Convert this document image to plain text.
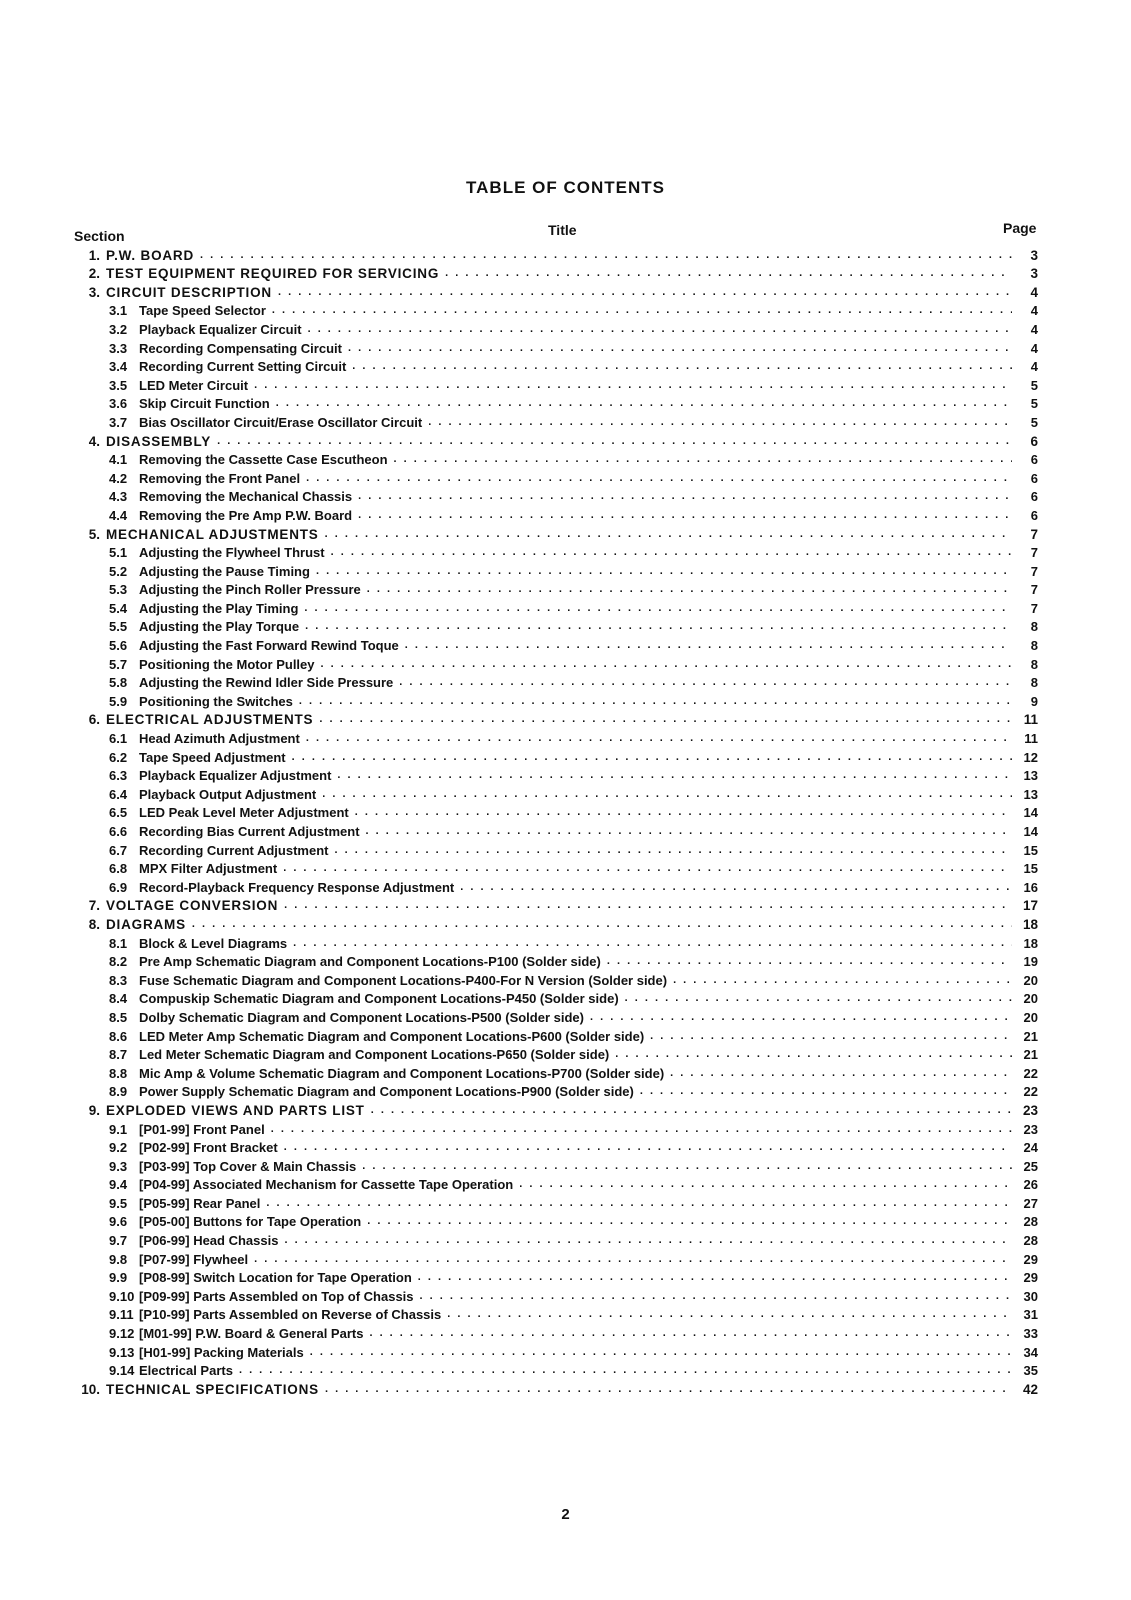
TABLE OF CONTENTS
Section	Title	Page
1. P.W. BOARD . . .	3
2. TEST EQUIPMENT REQUIRED FOR SERVICING . . .	3
3. CIRCUIT DESCRIPTION . . .	4
3.1 Tape Speed Selector . . .	4
3.2 Playback Equalizer Circuit . . .	4
3.3 Recording Compensating Circuit . . .	4
3.4 Recording Current Setting Circuit . . .	4
3.5 LED Meter Circuit . . .	5
3.6 Skip Circuit Function . . .	5
3.7 Bias Oscillator Circuit/Erase Oscillator Circuit . . .	5
4. DISASSEMBLY . . .	6
4.1 Removing the Cassette Case Escutheon . . .	6
4.2 Removing the Front Panel . . .	6
4.3 Removing the Mechanical Chassis . . .	6
4.4 Removing the Pre Amp P.W. Board . . .	6
5. MECHANICAL ADJUSTMENTS . . .	7
5.1 Adjusting the Flywheel Thrust . . .	7
5.2 Adjusting the Pause Timing . . .	7
5.3 Adjusting the Pinch Roller Pressure . . .	7
5.4 Adjusting the Play Timing . . .	7
5.5 Adjusting the Play Torque . . .	8
5.6 Adjusting the Fast Forward Rewind Toque . . .	8
5.7 Positioning the Motor Pulley . . .	8
5.8 Adjusting the Rewind Idler Side Pressure . . .	8
5.9 Positioning the Switches . . .	9
6. ELECTRICAL ADJUSTMENTS . . .	11
6.1 Head Azimuth Adjustment . . .	11
6.2 Tape Speed Adjustment . . .	12
6.3 Playback Equalizer Adjustment . . .	13
6.4 Playback Output Adjustment . . .	13
6.5 LED Peak Level Meter Adjustment . . .	14
6.6 Recording Bias Current Adjustment . . .	14
6.7 Recording Current Adjustment . . .	15
6.8 MPX Filter Adjustment . . .	15
6.9 Record-Playback Frequency Response Adjustment . . .	16
7. VOLTAGE CONVERSION . . .	17
8. DIAGRAMS . . .	18
8.1 Block & Level Diagrams . . .	18
8.2 Pre Amp Schematic Diagram and Component Locations-P100 (Solder side) . . .	19
8.3 Fuse Schematic Diagram and Component Locations-P400-For N Version (Solder side) . . .	20
8.4 Compuskip Schematic Diagram and Component Locations-P450 (Solder side) . . .	20
8.5 Dolby Schematic Diagram and Component Locations-P500 (Solder side) . . .	20
8.6 LED Meter Amp Schematic Diagram and Component Locations-P600 (Solder side) . . .	21
8.7 Led Meter Schematic Diagram and Component Locations-P650 (Solder side) . . .	21
8.8 Mic Amp & Volume Schematic Diagram and Component Locations-P700 (Solder side) . . .	22
8.9 Power Supply Schematic Diagram and Component Locations-P900 (Solder side) . . .	22
9. EXPLODED VIEWS AND PARTS LIST . . .	23
9.1 [P01-99] Front Panel . . .	23
9.2 [P02-99] Front Bracket . . .	24
9.3 [P03-99] Top Cover & Main Chassis . . .	25
9.4 [P04-99] Associated Mechanism for Cassette Tape Operation . . .	26
9.5 [P05-99] Rear Panel . . .	27
9.6 [P05-00] Buttons for Tape Operation . . .	28
9.7 [P06-99] Head Chassis . . .	28
9.8 [P07-99] Flywheel . . .	29
9.9 [P08-99] Switch Location for Tape Operation . . .	29
9.10 [P09-99] Parts Assembled on Top of Chassis . . .	30
9.11 [P10-99] Parts Assembled on Reverse of Chassis . . .	31
9.12 [M01-99] P.W. Board & General Parts . . .	33
9.13 [H01-99] Packing Materials . . .	34
9.14 Electrical Parts . . .	35
10. TECHNICAL SPECIFICATIONS . . .	42
2
